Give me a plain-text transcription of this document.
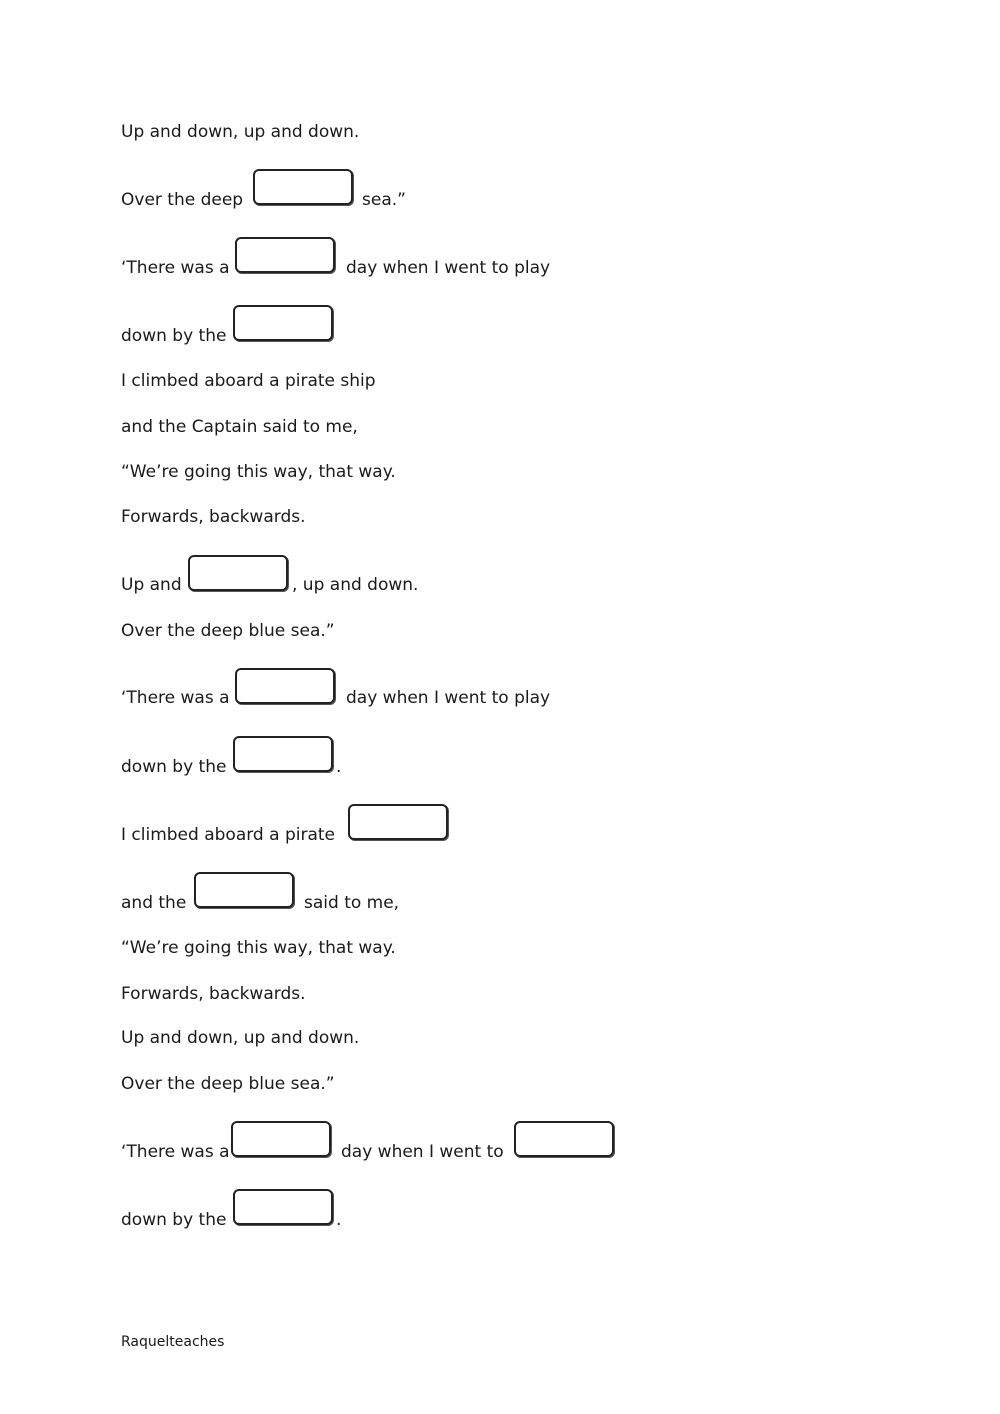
Up and down, up and down.
Over the deep	sea.”
‘There was a	day when I went to play
down by the
I climbed aboard a pirate ship
and the Captain said to me,
“We’re going this way, that way.
Forwards, backwards.
Up and	, up and down.
Over the deep blue sea.”
‘There was a	day when I went to play
down by the	.
I climbed aboard a pirate
and the	said to me,
“We’re going this way, that way.
Forwards, backwards.
Up and down, up and down.
Over the deep blue sea.”
‘There was a	day when I went to
down by the	.
Raquelteaches
